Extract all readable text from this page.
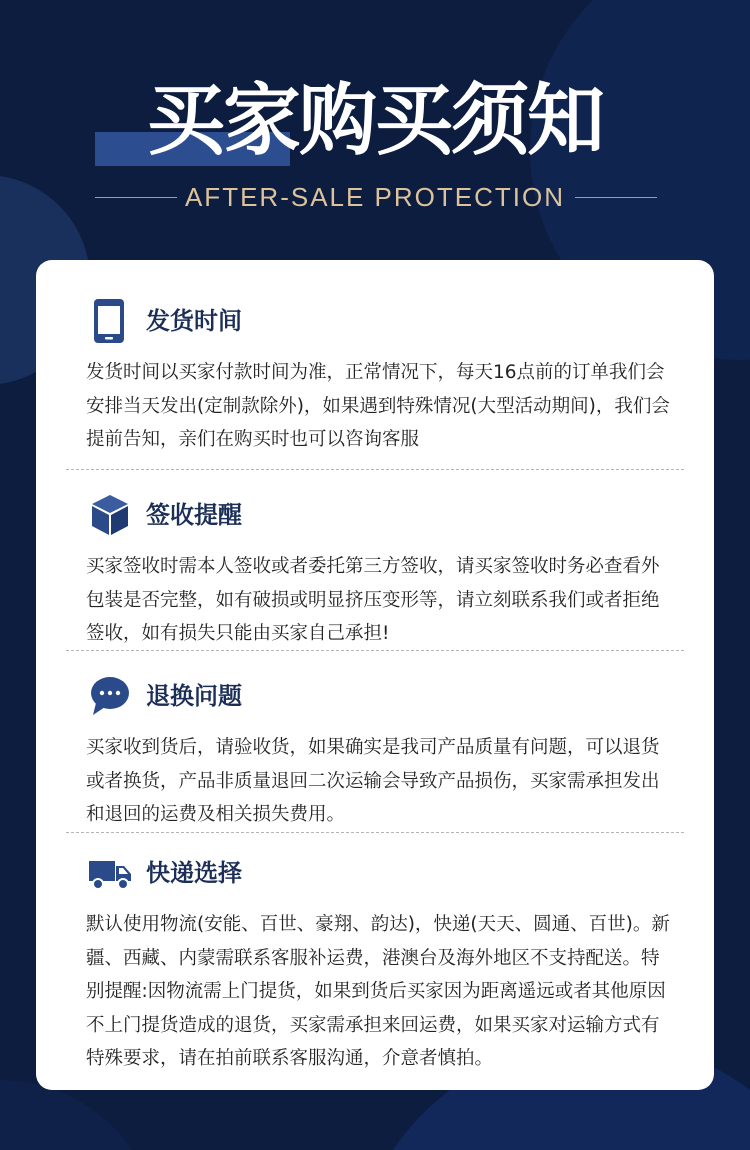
买家购买须知
AFTER-SALE PROTECTION
发货时间
发货时间以买家付款时间为准，正常情况下，每天16点前的订单我们会安排当天发出(定制款除外)，如果遇到特殊情况(大型活动期间)，我们会提前告知，亲们在购买时也可以咨询客服
签收提醒
买家签收时需本人签收或者委托第三方签收，请买家签收时务必查看外包装是否完整，如有破损或明显挤压变形等，请立刻联系我们或者拒绝签收，如有损失只能由买家自己承担!
退换问题
买家收到货后，请验收货，如果确实是我司产品质量有问题，可以退货或者换货，产品非质量退回二次运输会导致产品损伤，买家需承担发出和退回的运费及相关损失费用。
快递选择
默认使用物流(安能、百世、豪翔、韵达)，快递(天天、圆通、百世)。新疆、西藏、内蒙需联系客服补运费，港澳台及海外地区不支持配送。特别提醒:因物流需上门提货，如果到货后买家因为距离遥远或者其他原因不上门提货造成的退货，买家需承担来回运费，如果买家对运输方式有特殊要求，请在拍前联系客服沟通，介意者慎拍。
